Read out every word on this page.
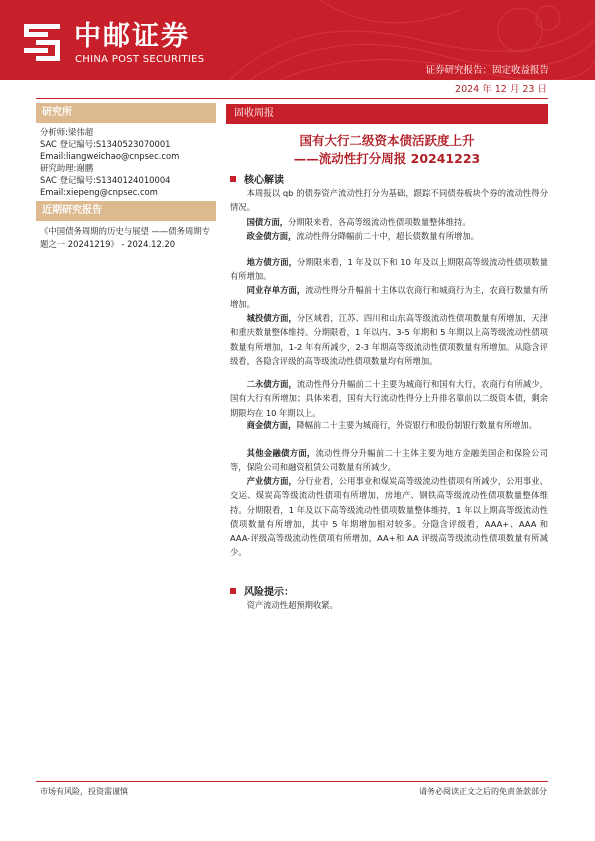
中邮证券
CHINA POST SECURITIES
证券研究报告：固定收益报告
2024 年 12 月 23 日
研究所
分析师:梁伟超
SAC 登记编号:S1340523070001
Email:liangweichao@cnpsec.com
研究助理:谢鹏
SAC 登记编号:S1340124010004
Email:xiepeng@cnpsec.com
近期研究报告
《中国债务周期的历史与展望 ——债务周期专题之一 20241219》 - 2024.12.20
固收周报
国有大行二级资本债活跃度上升
——流动性打分周报 20241223
核心解读
本周报以 qb 的债券资产流动性打分为基础，跟踪不同债券板块个券的流动性得分情况。
国债方面，分期限来看，各高等级流动性债项数量整体维持。
政金债方面，流动性得分降幅前二十中，超长债数量有所增加。
地方债方面，分期限来看，1 年及以下和 10 年及以上期限高等级流动性债项数量有所增加。
同业存单方面，流动性得分升幅前十主体以农商行和城商行为主，农商行数量有所增加。
城投债方面，分区域看，江苏、四川和山东高等级流动性债项数量有所增加，天津和重庆数量整体维持。分期限看，1 年以内、3-5 年期和 5 年期以上高等级流动性债项数量有所增加，1-2 年有所减少，2-3 年期高等级流动性债项数量有所增加。从隐含评级看，各隐含评级的高等级流动性债项数量均有所增加。
二永债方面，流动性得分升幅前二十主要为城商行和国有大行，农商行有所减少，国有大行有所增加；具体来看，国有大行流动性得分上升排名靠前以二级资本债，剩余期限均在 10 年期以上。
商金债方面，降幅前二十主要为城商行，外资银行和股份制银行数量有所增加。
其他金融债方面，流动性得分升幅前二十主体主要为地方金融美国企和保险公司等，保险公司和融资租赁公司数量有所减少。
产业债方面，分行业看，公用事业和煤炭高等级流动性债项有所减少，公用事业、交运、煤炭高等级流动性债项有所增加，房地产、钢铁高等级流动性债项数量整体维持。分期限看，1 年及以下高等级流动性债项数量整体维持，1 年以上期高等级流动性债项数量有所增加，其中 5 年期增加相对较多。分隐含评级看，AAA+、AAA 和 AAA-评级高等级流动性债项有所增加，AA+和 AA 评级高等级流动性债项数量有所减少。
风险提示：
资产流动性超预期收紧。
市场有风险，投资需谨慎	请务必阅读正文之后的免责条款部分
